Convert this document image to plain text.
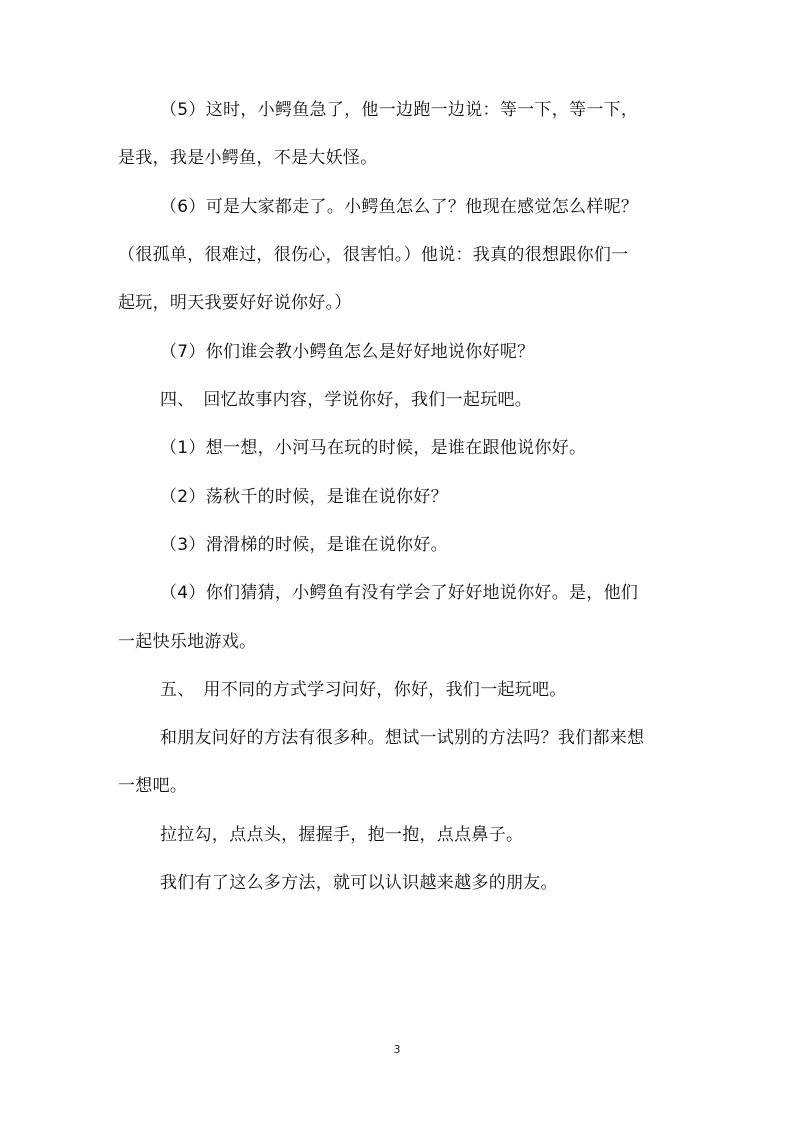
（5）这时，小鳄鱼急了，他一边跑一边说：等一下，等一下，
是我，我是小鳄鱼，不是大妖怪。
（6）可是大家都走了。小鳄鱼怎么了？他现在感觉怎么样呢？
（很孤单，很难过，很伤心，很害怕。）他说：我真的很想跟你们一
起玩，明天我要好好说你好。）
（7）你们谁会教小鳄鱼怎么是好好地说你好呢？
四、　回忆故事内容，学说你好，我们一起玩吧。
（1）想一想，小河马在玩的时候，是谁在跟他说你好。
（2）荡秋千的时候，是谁在说你好？
（3）滑滑梯的时候，是谁在说你好。
（4）你们猜猜，小鳄鱼有没有学会了好好地说你好。是，他们
一起快乐地游戏。
五、　用不同的方式学习问好，你好，我们一起玩吧。
和朋友问好的方法有很多种。想试一试别的方法吗？我们都来想
一想吧。
拉拉勾，点点头，握握手，抱一抱，点点鼻子。
我们有了这么多方法，就可以认识越来越多的朋友。
3
